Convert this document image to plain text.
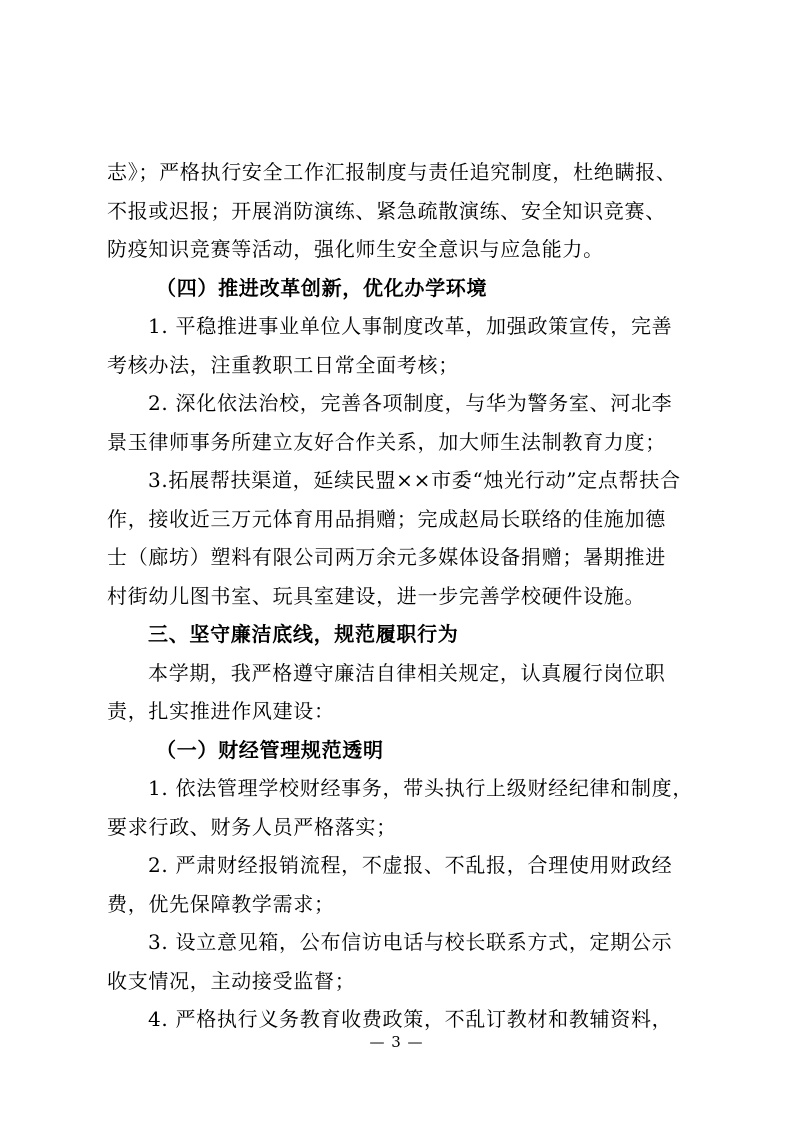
志》；严格执行安全工作汇报制度与责任追究制度，杜绝瞒报、
不报或迟报；开展消防演练、紧急疏散演练、安全知识竞赛、
防疫知识竞赛等活动，强化师生安全意识与应急能力。
（四）推进改革创新，优化办学环境
1. 平稳推进事业单位人事制度改革，加强政策宣传，完善
考核办法，注重教职工日常全面考核；
2. 深化依法治校，完善各项制度，与华为警务室、河北李
景玉律师事务所建立友好合作关系，加大师生法制教育力度；
3.拓展帮扶渠道，延续民盟××市委“烛光行动”定点帮扶合
作，接收近三万元体育用品捐赠；完成赵局长联络的佳施加德
士（廊坊）塑料有限公司两万余元多媒体设备捐赠；暑期推进
村街幼儿图书室、玩具室建设，进一步完善学校硬件设施。
三、坚守廉洁底线，规范履职行为
本学期，我严格遵守廉洁自律相关规定，认真履行岗位职
责，扎实推进作风建设：
（一）财经管理规范透明
1. 依法管理学校财经事务，带头执行上级财经纪律和制度，
要求行政、财务人员严格落实；
2. 严肃财经报销流程，不虚报、不乱报，合理使用财政经
费，优先保障教学需求；
3. 设立意见箱，公布信访电话与校长联系方式，定期公示
收支情况，主动接受监督；
4. 严格执行义务教育收费政策，不乱订教材和教辅资料，
— 3 —
